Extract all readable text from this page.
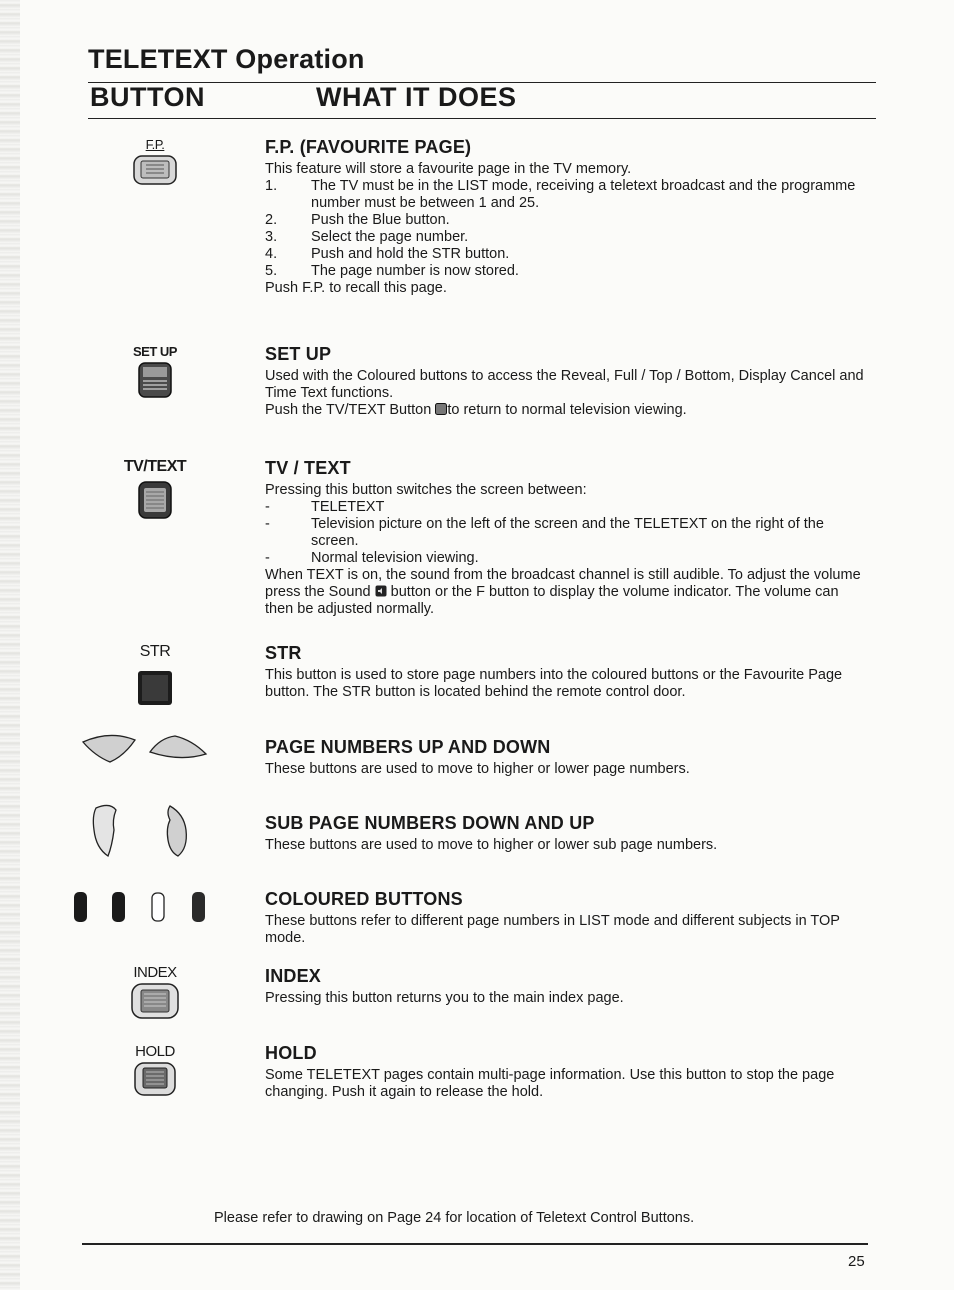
TELETEXT Operation
BUTTON	WHAT IT DOES
F.P.	F.P. (FAVOURITE PAGE)

This feature will store a favourite page in the TV memory.

1.	The TV must be in the LIST mode, receiving a teletext broadcast and the programme number must be between 1 and 25.
2.	Push the Blue button.
3.	Select the page number.
4.	Push and hold the STR button.
5.	The page number is now stored.

Push F.P. to recall this page.

SET UP	SET UP

Used with the Coloured buttons to access the Reveal, Full / Top / Bottom, Display Cancel and Time Text functions.

Push the TV/TEXT Button to return to normal television viewing.

TV/TEXT	TV / TEXT

Pressing this button switches the screen between:

-	TELETEXT
-	Television picture on the left of the screen and the TELETEXT on the right of the screen.
-	Normal television viewing.

When TEXT is on, the sound from the broadcast channel is still audible. To adjust the volume press the Sound button or the F button to display the volume indicator. The volume can then be adjusted normally.

STR	STR

This button is used to store page numbers into the coloured buttons or the Favourite Page button. The STR button is located behind the remote control door.

PAGE NUMBERS UP AND DOWN

These buttons are used to move to higher or lower page numbers.

SUB PAGE NUMBERS DOWN AND UP

These buttons are used to move to higher or lower sub page numbers.

COLOURED BUTTONS

These buttons refer to different page numbers in LIST mode and different subjects in TOP mode.

INDEX	INDEX

Pressing this button returns you to the main index page.

HOLD	HOLD

Some TELETEXT pages contain multi-page information. Use this button to stop the page changing. Push it again to release the hold.

Please refer to drawing on Page 24 for location of Teletext Control Buttons.
25
